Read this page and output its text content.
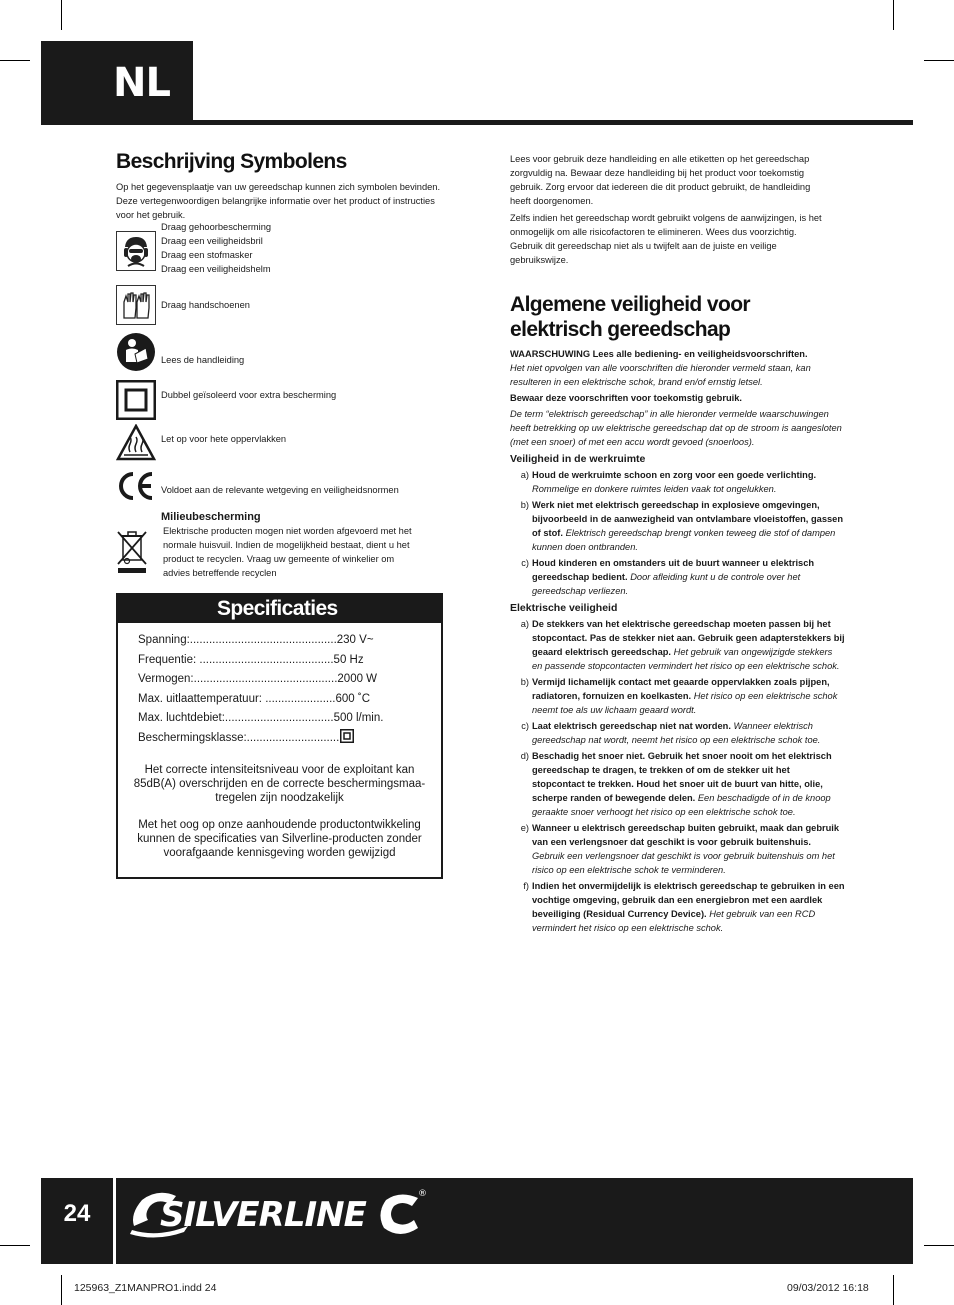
NL
Beschrijving Symbolens

Op het gegevensplaatje van uw gereedschap kunnen zich symbolen bevinden. Deze vertegenwoordigen belangrijke informatie over het product of instructies voor het gebruik.

Draag gehoorbescherming
Draag een veiligheidsbril
Draag een stofmasker
Draag een veiligheidshelm
Draag handschoenen
Lees de handleiding
Dubbel geïsoleerd voor extra bescherming
Let op voor hete oppervlakken
Voldoet aan de relevante wetgeving en veiligheidsnormen
Milieubescherming
Elektrische producten mogen niet worden afgevoerd met het normale huisvuil. Indien de mogelijkheid bestaat, dient u het product te recyclen. Vraag uw gemeente of winkelier om advies betreffende recyclen
Specificaties
Spanning:..............................................230 V~
Frequentie: ..........................................50 Hz
Vermogen:.............................................2000 W
Max. uitlaattemperatuur: ......................600 ˚C
Max. luchtdebiet:..................................500 l/min.
Beschermingsklasse:.............................
Het correcte intensiteitsniveau voor de exploitant kan 85dB(A) overschrijden en de correcte beschermingsmaa-tregelen zijn noodzakelijk
Met het oog op onze aanhoudende productontwikkeling kunnen de specificaties van Silverline-producten zonder voorafgaande kennisgeving worden gewijzigd

Lees voor gebruik deze handleiding en alle etiketten op het gereedschap zorgvuldig na. Bewaar deze handleiding bij het product voor toekomstig gebruik. Zorg ervoor dat iedereen die dit product gebruikt, de handleiding heeft doorgenomen.

Zelfs indien het gereedschap wordt gebruikt volgens de aanwijzingen, is het onmogelijk om alle risicofactoren te elimineren. Wees dus voorzichtig. Gebruik dit gereedschap niet als u twijfelt aan de juiste en veilige gebruikswijze.

Algemene veiligheid voor
elektrisch gereedschap
WAARSCHUWING Lees alle bediening- en veiligheidsvoorschriften.
Het niet opvolgen van alle voorschriften die hieronder vermeld staan, kan resulteren in een elektrische schok, brand en/of ernstig letsel.
Bewaar deze voorschriften voor toekomstig gebruik.
De term “elektrisch gereedschap” in alle hieronder vermelde waarschuwingen heeft betrekking op uw elektrische gereedschap dat op de stroom is aangesloten (met een snoer) of met een accu wordt gevoed (snoerloos).
Veiligheid in de werkruimte
a) Houd de werkruimte schoon en zorg voor een goede verlichting. Rommelige en donkere ruimtes leiden vaak tot ongelukken.
b) Werk niet met elektrisch gereedschap in explosieve omgevingen, bijvoorbeeld in de aanwezigheid van ontvlambare vloeistoffen, gassen of stof. Elektrisch gereedschap brengt vonken teweeg die stof of dampen kunnen doen ontbranden.
c) Houd kinderen en omstanders uit de buurt wanneer u elektrisch gereedschap bedient. Door afleiding kunt u de controle over het gereedschap verliezen.
Elektrische veiligheid
a) De stekkers van het elektrische gereedschap moeten passen bij het stopcontact. Pas de stekker niet aan. Gebruik geen adapterstekkers bij geaard elektrisch gereedschap. Het gebruik van ongewijzigde stekkers en passende stopcontacten vermindert het risico op een elektrische schok.
b) Vermijd lichamelijk contact met geaarde oppervlakken zoals pijpen, radiatoren, fornuizen en koelkasten. Het risico op een elektrische schok neemt toe als uw lichaam geaard wordt.
c) Laat elektrisch gereedschap niet nat worden. Wanneer elektrisch gereedschap nat wordt, neemt het risico op een elektrische schok toe.
d) Beschadig het snoer niet. Gebruik het snoer nooit om het elektrisch gereedschap te dragen, te trekken of om de stekker uit het stopcontact te trekken. Houd het snoer uit de buurt van hitte, olie, scherpe randen of bewegende delen. Een beschadigde of in de knoop geraakte snoer verhoogt het risico op een elektrische schok toe.
e) Wanneer u elektrisch gereedschap buiten gebruikt, maak dan gebruik van een verlengsnoer dat geschikt is voor gebruik buitenshuis. Gebruik een verlengsnoer dat geschikt is voor gebruik buitenshuis om het risico op een elektrische schok te verminderen.
f) Indien het onvermijdelijk is elektrisch gereedschap te gebruiken in een vochtige omgeving, gebruik dan een energiebron met een aardlek beveiliging (Residual Currency Device). Het gebruik van een RCD vermindert het risico op een elektrische schok.
24	SILVERLINE
®
125963_Z1MANPRO1.indd 24	09/03/2012 16:18
